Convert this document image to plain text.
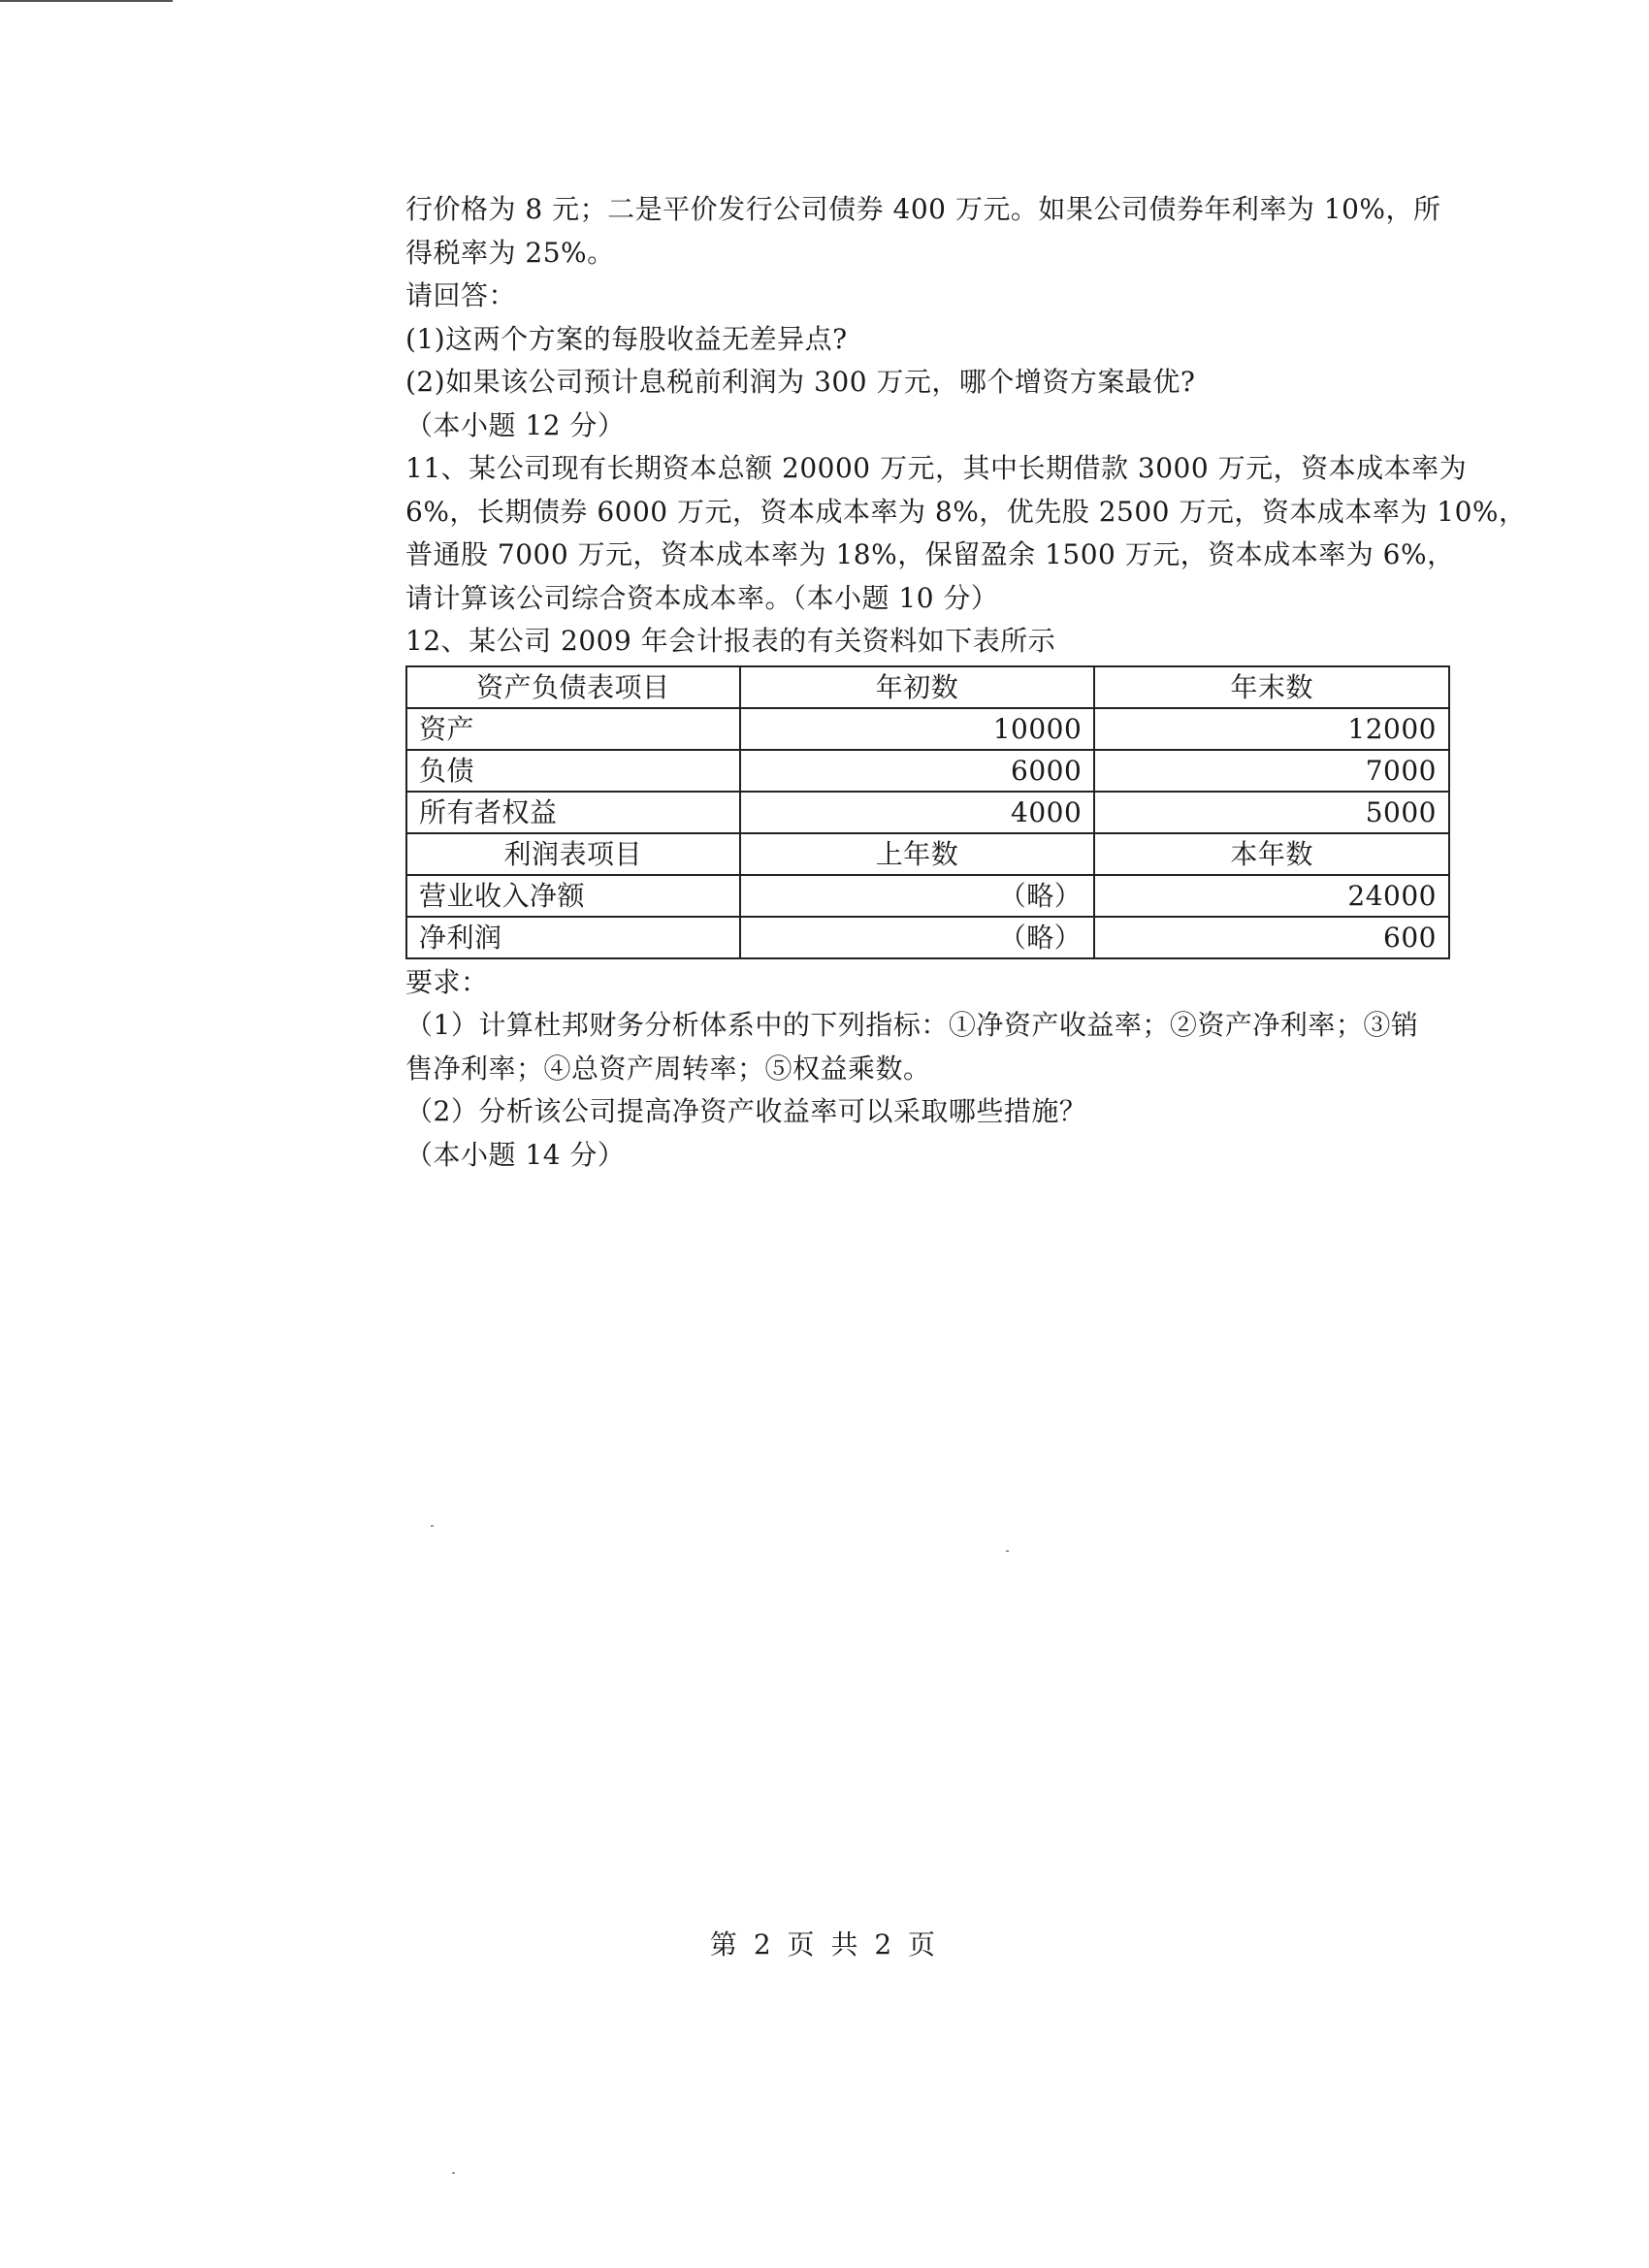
行价格为 8 元；二是平价发行公司债券 400 万元。如果公司债券年利率为 10%，所

得税率为 25%。

请回答：

(1)这两个方案的每股收益无差异点?

(2)如果该公司预计息税前利润为 300 万元，哪个增资方案最优?

（本小题 12 分）

11、某公司现有长期资本总额 20000 万元，其中长期借款 3000 万元，资本成本率为

6%，长期债券 6000 万元，资本成本率为 8%，优先股 2500 万元，资本成本率为 10%，

普通股 7000 万元，资本成本率为 18%，保留盈余 1500 万元，资本成本率为 6%，

请计算该公司综合资本成本率。（本小题 10 分）

12、某公司 2009 年会计报表的有关资料如下表所示

资产负债表项目	年初数	年末数
资产	10000	12000
负债	6000	7000
所有者权益	4000	5000
利润表项目	上年数	本年数
营业收入净额	（略）	24000
净利润	（略）	600

要求：

（1）计算杜邦财务分析体系中的下列指标：①净资产收益率；②资产净利率；③销

售净利率；④总资产周转率；⑤权益乘数。

（2）分析该公司提高净资产收益率可以采取哪些措施？

（本小题 14 分）

第 2 页 共 2 页
